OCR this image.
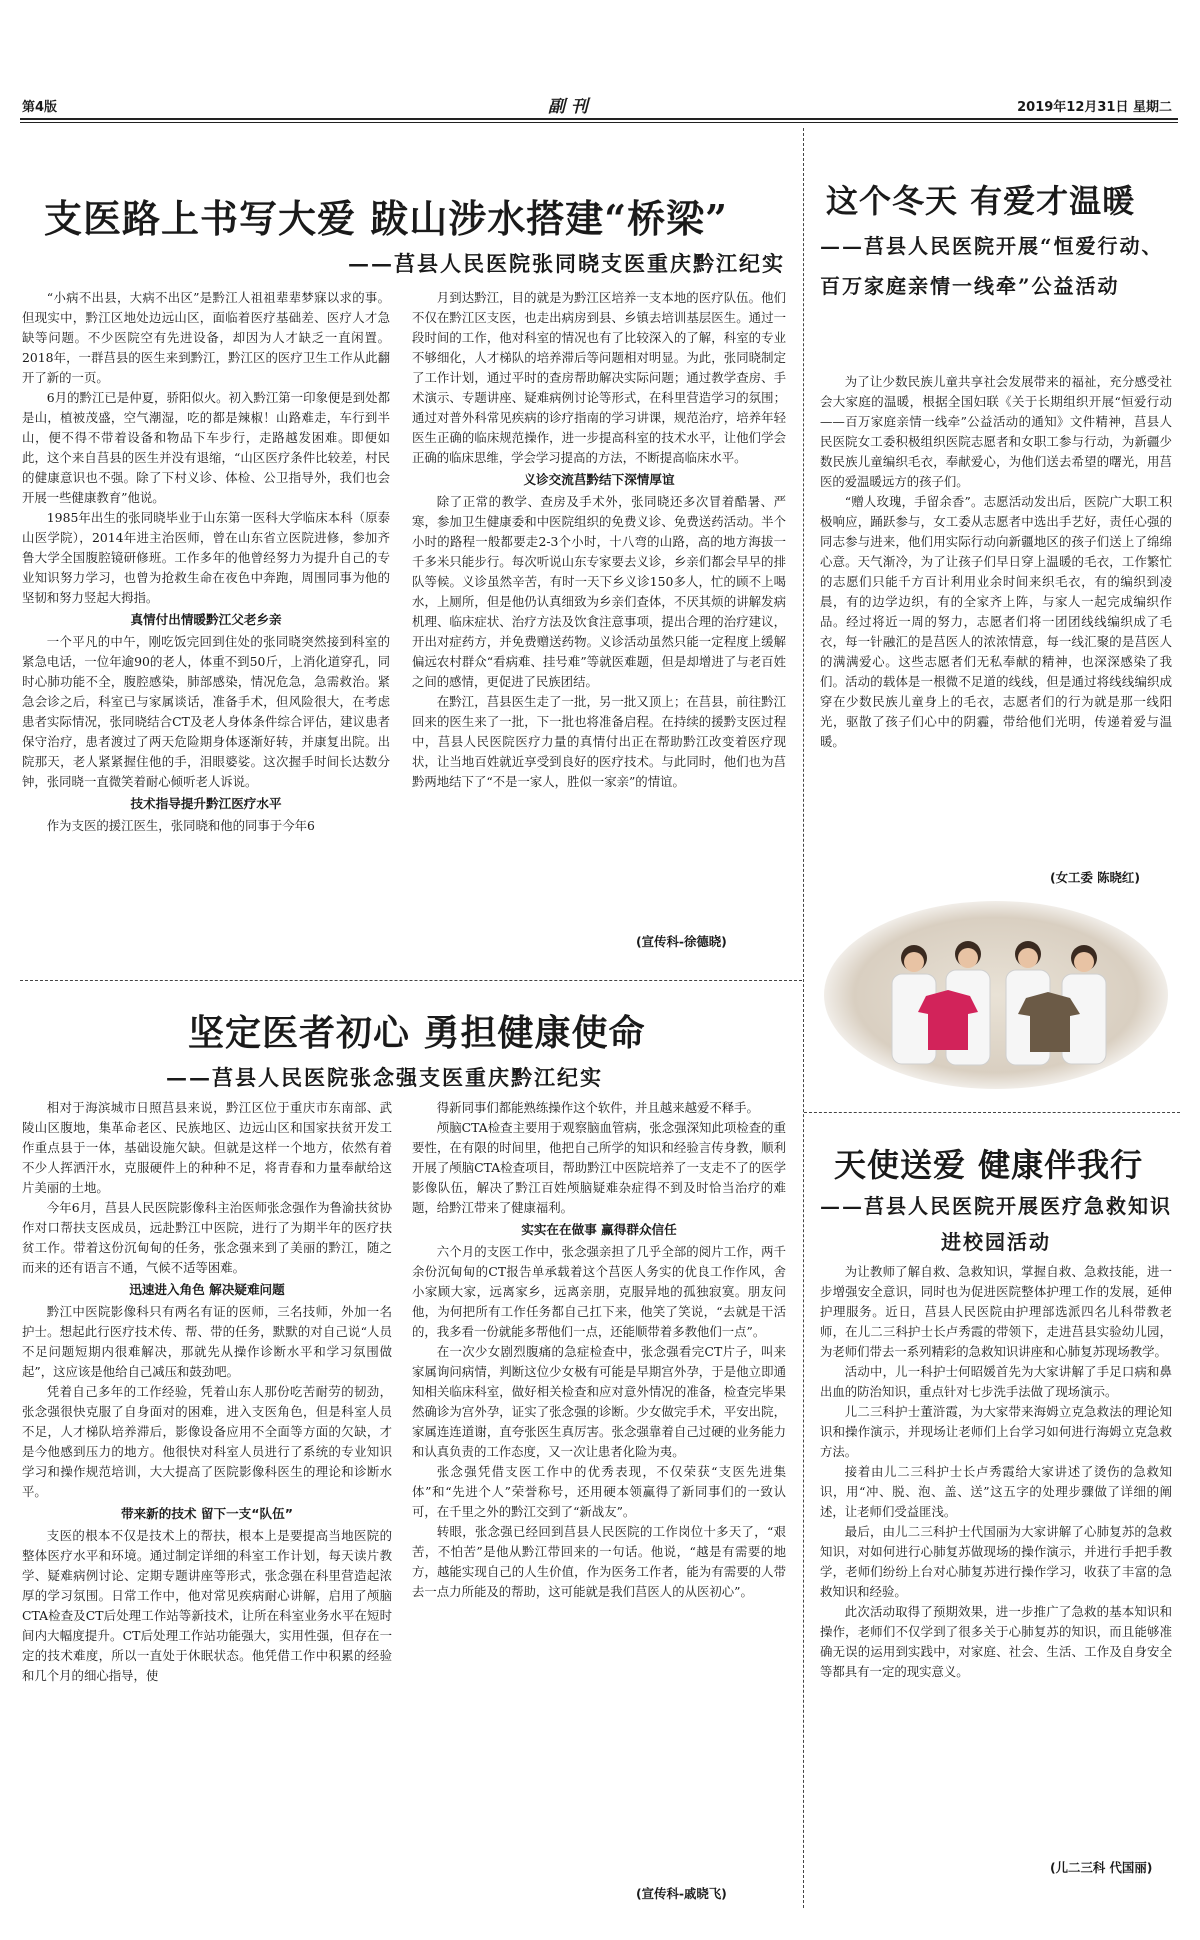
第4版	副 刊	2019年12月31日 星期二
支医路上书写大爱 跋山涉水搭建“桥梁”
——莒县人民医院张同晓支医重庆黔江纪实

“小病不出县，大病不出区”是黔江人祖祖辈辈梦寐以求的事。但现实中，黔江区地处边远山区，面临着医疗基础差、医疗人才急缺等问题。不少医院空有先进设备，却因为人才缺乏一直闲置。2018年，一群莒县的医生来到黔江，黔江区的医疗卫生工作从此翻开了新的一页。

6月的黔江已是仲夏，骄阳似火。初入黔江第一印象便是到处都是山，植被茂盛，空气潮湿，吃的都是辣椒！山路难走，车行到半山，便不得不带着设备和物品下车步行，走路越发困难。即便如此，这个来自莒县的医生并没有退缩，“山区医疗条件比较差，村民的健康意识也不强。除了下村义诊、体检、公卫指导外，我们也会开展一些健康教育”他说。

1985年出生的张同晓毕业于山东第一医科大学临床本科（原泰山医学院），2014年进主治医师，曾在山东省立医院进修，参加齐鲁大学全国腹腔镜研修班。工作多年的他曾经努力为提升自己的专业知识努力学习，也曾为抢救生命在夜色中奔跑，周围同事为他的坚韧和努力竖起大拇指。

真情付出情暖黔江父老乡亲

一个平凡的中午，刚吃饭完回到住处的张同晓突然接到科室的紧急电话，一位年逾90的老人，体重不到50斤，上消化道穿孔，同时心肺功能不全，腹腔感染，肺部感染，情况危急，急需救治。紧急会诊之后，科室已与家属谈话，准备手术，但风险很大，在考虑患者实际情况，张同晓结合CT及老人身体条件综合评估，建议患者保守治疗，患者渡过了两天危险期身体逐渐好转，并康复出院。出院那天，老人紧紧握住他的手，泪眼婆娑。这次握手时间长达数分钟，张同晓一直微笑着耐心倾听老人诉说。

技术指导提升黔江医疗水平

作为支医的援江医生，张同晓和他的同事于今年6

月到达黔江，目的就是为黔江区培养一支本地的医疗队伍。他们不仅在黔江区支医，也走出病房到县、乡镇去培训基层医生。通过一段时间的工作，他对科室的情况也有了比较深入的了解，科室的专业不够细化，人才梯队的培养滞后等问题相对明显。为此，张同晓制定了工作计划，通过平时的查房帮助解决实际问题；通过教学查房、手术演示、专题讲座、疑难病例讨论等形式，在科里营造学习的氛围；通过对普外科常见疾病的诊疗指南的学习讲课，规范治疗，培养年轻医生正确的临床规范操作，进一步提高科室的技术水平，让他们学会正确的临床思维，学会学习提高的方法，不断提高临床水平。

义诊交流莒黔结下深情厚谊

除了正常的教学、查房及手术外，张同晓还多次冒着酷暑、严寒，参加卫生健康委和中医院组织的免费义诊、免费送药活动。半个小时的路程一般都要走2-3个小时，十八弯的山路，高的地方海拔一千多米只能步行。每次听说山东专家要去义诊，乡亲们都会早早的排队等候。义诊虽然辛苦，有时一天下乡义诊150多人，忙的顾不上喝水，上厕所，但是他仍认真细致为乡亲们查体，不厌其烦的讲解发病机理、临床症状、治疗方法及饮食注意事项，提出合理的治疗建议，开出对症药方，并免费赠送药物。义诊活动虽然只能一定程度上缓解偏远农村群众“看病难、挂号难”等就医难题，但是却增进了与老百姓之间的感情，更促进了民族团结。

在黔江，莒县医生走了一批，另一批又顶上；在莒县，前往黔江回来的医生来了一批，下一批也将准备启程。在持续的援黔支医过程中，莒县人民医院医疗力量的真情付出正在帮助黔江改变着医疗现状，让当地百姓就近享受到良好的医疗技术。与此同时，他们也为莒黔两地结下了“不是一家人，胜似一家亲”的情谊。

(宣传科-徐德晓)
坚定医者初心 勇担健康使命
——莒县人民医院张念强支医重庆黔江纪实

相对于海滨城市日照莒县来说，黔江区位于重庆市东南部、武陵山区腹地，集革命老区、民族地区、边远山区和国家扶贫开发工作重点县于一体，基础设施欠缺。但就是这样一个地方，依然有着不少人挥洒汗水，克服硬件上的种种不足，将青春和力量奉献给这片美丽的土地。

今年6月，莒县人民医院影像科主治医师张念强作为鲁渝扶贫协作对口帮扶支医成员，远赴黔江中医院，进行了为期半年的医疗扶贫工作。带着这份沉甸甸的任务，张念强来到了美丽的黔江，随之而来的还有语言不通，气候不适等困难。

迅速进入角色 解决疑难问题

黔江中医院影像科只有两名有证的医师，三名技师，外加一名护士。想起此行医疗技术传、帮、带的任务，默默的对自己说“人员不足问题短期内很难解决，那就先从操作诊断水平和学习氛围做起”，这应该是他给自己减压和鼓劲吧。

凭着自己多年的工作经验，凭着山东人那份吃苦耐劳的韧劲，张念强很快克服了自身面对的困难，进入支医角色，但是科室人员不足，人才梯队培养滞后，影像设备应用不全面等方面的欠缺，才是今他感到压力的地方。他很快对科室人员进行了系统的专业知识学习和操作规范培训，大大提高了医院影像科医生的理论和诊断水平。

带来新的技术 留下一支“队伍”

支医的根本不仅是技术上的帮扶，根本上是要提高当地医院的整体医疗水平和环境。通过制定详细的科室工作计划，每天读片教学、疑难病例讨论、定期专题讲座等形式，张念强在科里营造起浓厚的学习氛围。日常工作中，他对常见疾病耐心讲解，启用了颅脑CTA检查及CT后处理工作站等新技术，让所在科室业务水平在短时间内大幅度提升。CT后处理工作站功能强大，实用性强，但存在一定的技术难度，所以一直处于休眠状态。他凭借工作中积累的经验和几个月的细心指导，使

得新同事们都能熟练操作这个软件，并且越来越爱不释手。

颅脑CTA检查主要用于观察脑血管病，张念强深知此项检查的重要性，在有限的时间里，他把自己所学的知识和经验言传身教，顺利开展了颅脑CTA检查项目，帮助黔江中医院培养了一支走不了的医学影像队伍，解决了黔江百姓颅脑疑难杂症得不到及时恰当治疗的难题，给黔江带来了健康福利。

实实在在做事 赢得群众信任

六个月的支医工作中，张念强亲担了几乎全部的阅片工作，两千余份沉甸甸的CT报告单承载着这个莒医人务实的优良工作作风，舍小家顾大家，远离家乡，远离亲朋，克服异地的孤独寂寞。朋友问他，为何把所有工作任务都自己扛下来，他笑了笑说，“去就是干活的，我多看一份就能多帮他们一点，还能顺带着多教他们一点”。

在一次少女剧烈腹痛的急症检查中，张念强看完CT片子，叫来家属询问病情，判断这位少女极有可能是早期宫外孕，于是他立即通知相关临床科室，做好相关检查和应对意外情况的准备，检查完毕果然确诊为宫外孕，证实了张念强的诊断。少女做完手术，平安出院，家属连连道谢，直夸张医生真厉害。张念强靠着自己过硬的业务能力和认真负责的工作态度，又一次让患者化险为夷。

张念强凭借支医工作中的优秀表现，不仅荣获“支医先进集体”和“先进个人”荣誉称号，还用硬本领赢得了新同事们的一致认可，在千里之外的黔江交到了“新战友”。

转眼，张念强已经回到莒县人民医院的工作岗位十多天了，“艰苦，不怕苦”是他从黔江带回来的一句话。他说，“越是有需要的地方，越能实现自己的人生价值，作为医务工作者，能为有需要的人带去一点力所能及的帮助，这可能就是我们莒医人的从医初心”。

(宣传科-戚晓飞)
这个冬天 有爱才温暖
——莒县人民医院开展“恒爱行动、百万家庭亲情一线牵”公益活动

为了让少数民族儿童共享社会发展带来的福祉，充分感受社会大家庭的温暖，根据全国妇联《关于长期组织开展“恒爱行动——百万家庭亲情一线牵”公益活动的通知》文件精神，莒县人民医院女工委积极组织医院志愿者和女职工参与行动，为新疆少数民族儿童编织毛衣，奉献爱心，为他们送去希望的曙光，用莒医的爱温暖远方的孩子们。

“赠人玫瑰，手留余香”。志愿活动发出后，医院广大职工积极响应，踊跃参与，女工委从志愿者中选出手艺好，责任心强的同志参与进来，他们用实际行动向新疆地区的孩子们送上了绵绵心意。天气渐冷，为了让孩子们早日穿上温暖的毛衣，工作繁忙的志愿们只能千方百计利用业余时间来织毛衣，有的编织到凌晨，有的边学边织，有的全家齐上阵，与家人一起完成编织作品。经过将近一周的努力，志愿者们将一团团线线编织成了毛衣，每一针融汇的是莒医人的浓浓情意，每一线汇聚的是莒医人的满满爱心。这些志愿者们无私奉献的精神，也深深感染了我们。活动的载体是一根微不足道的线线，但是通过将线线编织成穿在少数民族儿童身上的毛衣，志愿者们的行为就是那一线阳光，驱散了孩子们心中的阴霾，带给他们光明，传递着爱与温暖。

(女工委 陈晓红)
天使送爱 健康伴我行
——莒县人民医院开展医疗急救知识进校园活动

为让教师了解自救、急救知识，掌握自救、急救技能，进一步增强安全意识，同时也为促进医院整体护理工作的发展，延伸护理服务。近日，莒县人民医院由护理部选派四名儿科带教老师，在儿二三科护士长卢秀霞的带领下，走进莒县实验幼儿园，为老师们带去一系列精彩的急救知识讲座和心肺复苏现场教学。

活动中，儿一科护士何昭媛首先为大家讲解了手足口病和鼻出血的防治知识，重点针对七步洗手法做了现场演示。

儿二三科护士董浒霞，为大家带来海姆立克急救法的理论知识和操作演示，并现场让老师们上台学习如何进行海姆立克急救方法。

接着由儿二三科护士长卢秀霞给大家讲述了烫伤的急救知识，用“冲、脱、泡、盖、送”这五字的处理步骤做了详细的阐述，让老师们受益匪浅。

最后，由儿二三科护士代国丽为大家讲解了心肺复苏的急救知识，对如何进行心肺复苏做现场的操作演示，并进行手把手教学，老师们纷纷上台对心肺复苏进行操作学习，收获了丰富的急救知识和经验。

此次活动取得了预期效果，进一步推广了急救的基本知识和操作，老师们不仅学到了很多关于心肺复苏的知识，而且能够准确无误的运用到实践中，对家庭、社会、生活、工作及自身安全等都具有一定的现实意义。

(儿二三科 代国丽)
